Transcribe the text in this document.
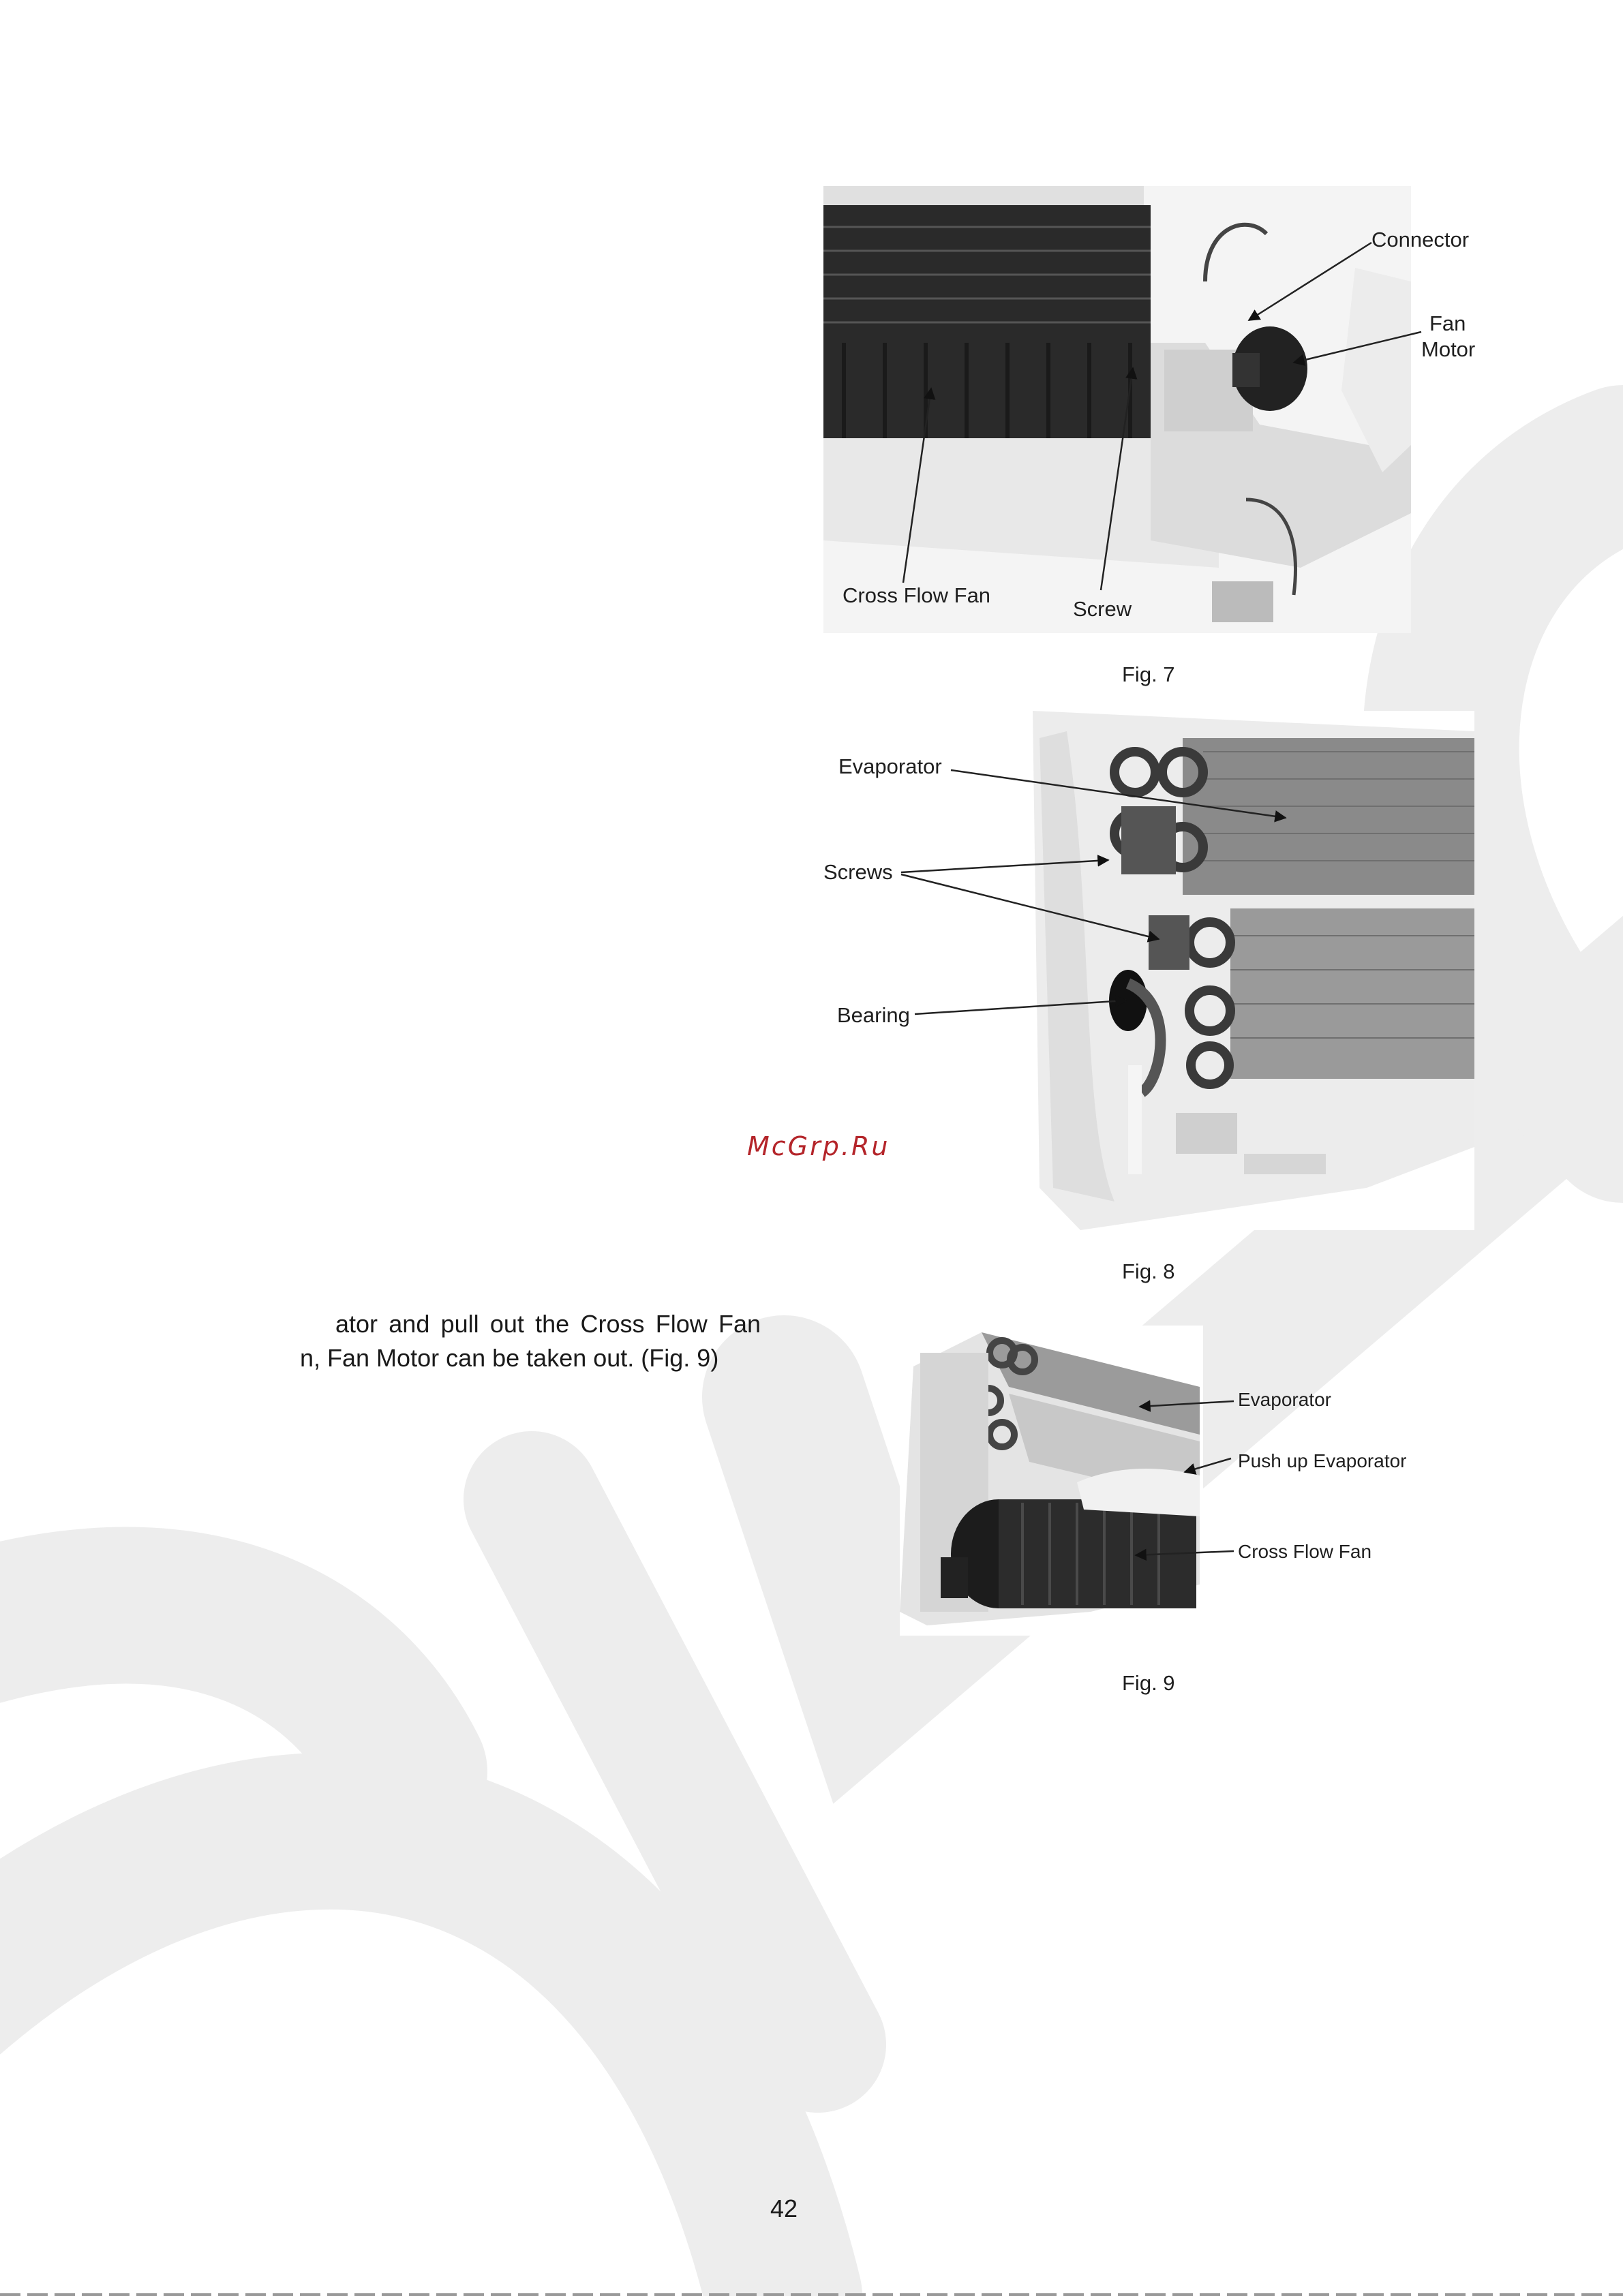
Connector
Fan
Motor
Cross Flow Fan
Screw
Fig. 7
Evaporator
Screws
Bearing
Fig. 8
Evaporator
Push up Evaporator
Cross Flow Fan
Fig. 9
ator and pull out the Cross Flow Fan
n, Fan Motor can be taken out. (Fig. 9)
McGrp.Ru
42
